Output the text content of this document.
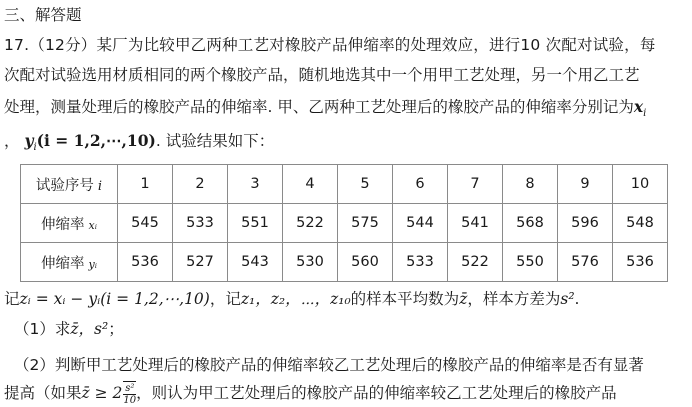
三、解答题
17.（12分）某厂为比较甲乙两种工艺对橡胶产品伸缩率的处理效应，进行10 次配对试验，每
次配对试验选用材质相同的两个橡胶产品，随机地选其中一个用甲工艺处理，另一个用乙工艺
处理，测量处理后的橡胶产品的伸缩率. 甲、乙两种工艺处理后的橡胶产品的伸缩率分别记为$x_i$
， $y_i(i$ = 1,2,⋯,10). 试验结果如下：
试验序号 i	1	2	3	4	5	6	7	8	9	10
伸缩率 xᵢ	545	533	551	522	575	544	541	568	596	548
伸缩率 yᵢ	536	527	543	530	560	533	522	550	576	536
记zᵢ = xᵢ − yᵢ(i = 1,2,⋯,10)，记z₁，z₂，⋯，z₁₀的样本平均数为z̄，样本方差为s².
（1）求z̄，s²；
（2）判断甲工艺处理后的橡胶产品的伸缩率较乙工艺处理后的橡胶产品的伸缩率是否有显著
提高（如果z̄ ≥ $2 \frac{\text{s²}}{10}$ ，则认为甲工艺处理后的橡胶产品的伸缩率较乙工艺处理后的橡胶产品
